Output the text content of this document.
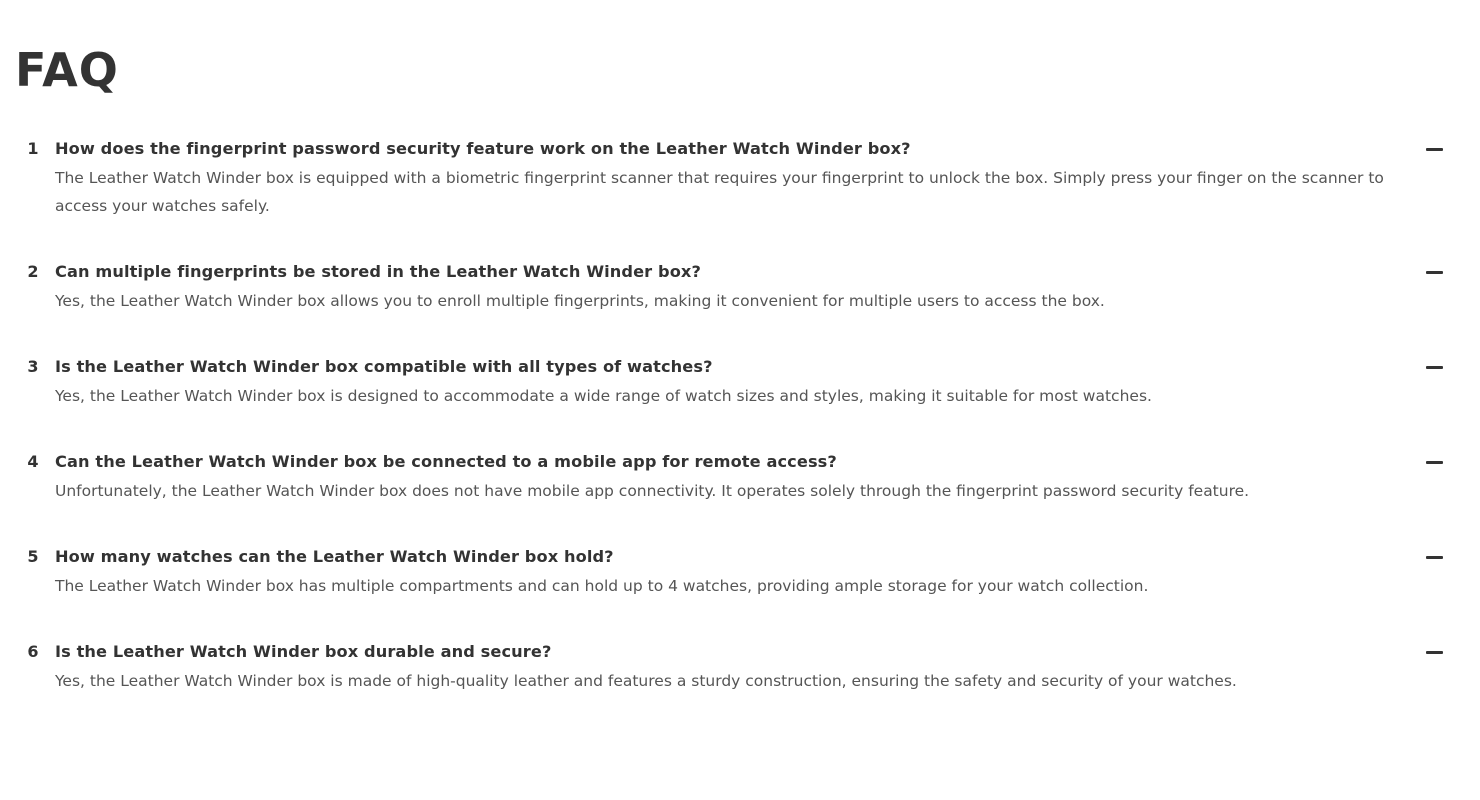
FAQ
1 How does the fingerprint password security feature work on the Leather Watch Winder box?
The Leather Watch Winder box is equipped with a biometric fingerprint scanner that requires your fingerprint to unlock the box. Simply press your finger on the scanner to access your watches safely.
2 Can multiple fingerprints be stored in the Leather Watch Winder box?
Yes, the Leather Watch Winder box allows you to enroll multiple fingerprints, making it convenient for multiple users to access the box.
3 Is the Leather Watch Winder box compatible with all types of watches?
Yes, the Leather Watch Winder box is designed to accommodate a wide range of watch sizes and styles, making it suitable for most watches.
4 Can the Leather Watch Winder box be connected to a mobile app for remote access?
Unfortunately, the Leather Watch Winder box does not have mobile app connectivity. It operates solely through the fingerprint password security feature.
5 How many watches can the Leather Watch Winder box hold?
The Leather Watch Winder box has multiple compartments and can hold up to 4 watches, providing ample storage for your watch collection.
6 Is the Leather Watch Winder box durable and secure?
Yes, the Leather Watch Winder box is made of high-quality leather and features a sturdy construction, ensuring the safety and security of your watches.
